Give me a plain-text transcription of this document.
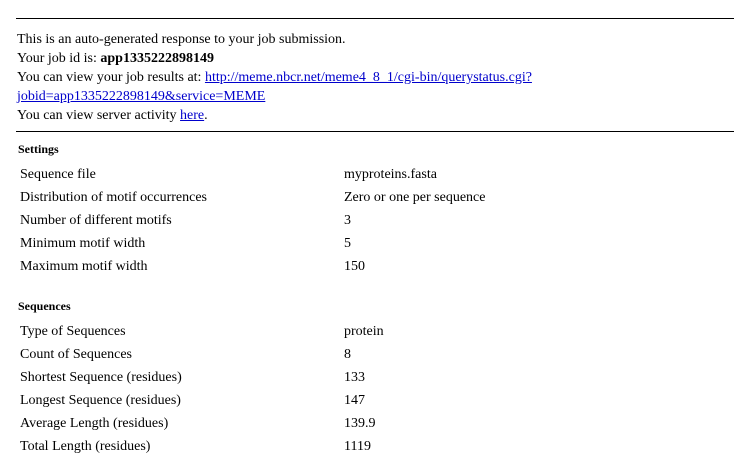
This is an auto-generated response to your job submission.
Your job id is: app1335222898149
You can view your job results at: http://meme.nbcr.net/meme4_8_1/cgi-bin/querystatus.cgi?
jobid=app1335222898149&service=MEME
You can view server activity here.
Settings
Sequence file	myproteins.fasta
Distribution of motif occurrences	Zero or one per sequence
Number of different motifs	3
Minimum motif width	5
Maximum motif width	150
Sequences
Type of Sequences	protein
Count of Sequences	8
Shortest Sequence (residues)	133
Longest Sequence (residues)	147
Average Length (residues)	139.9
Total Length (residues)	1119
